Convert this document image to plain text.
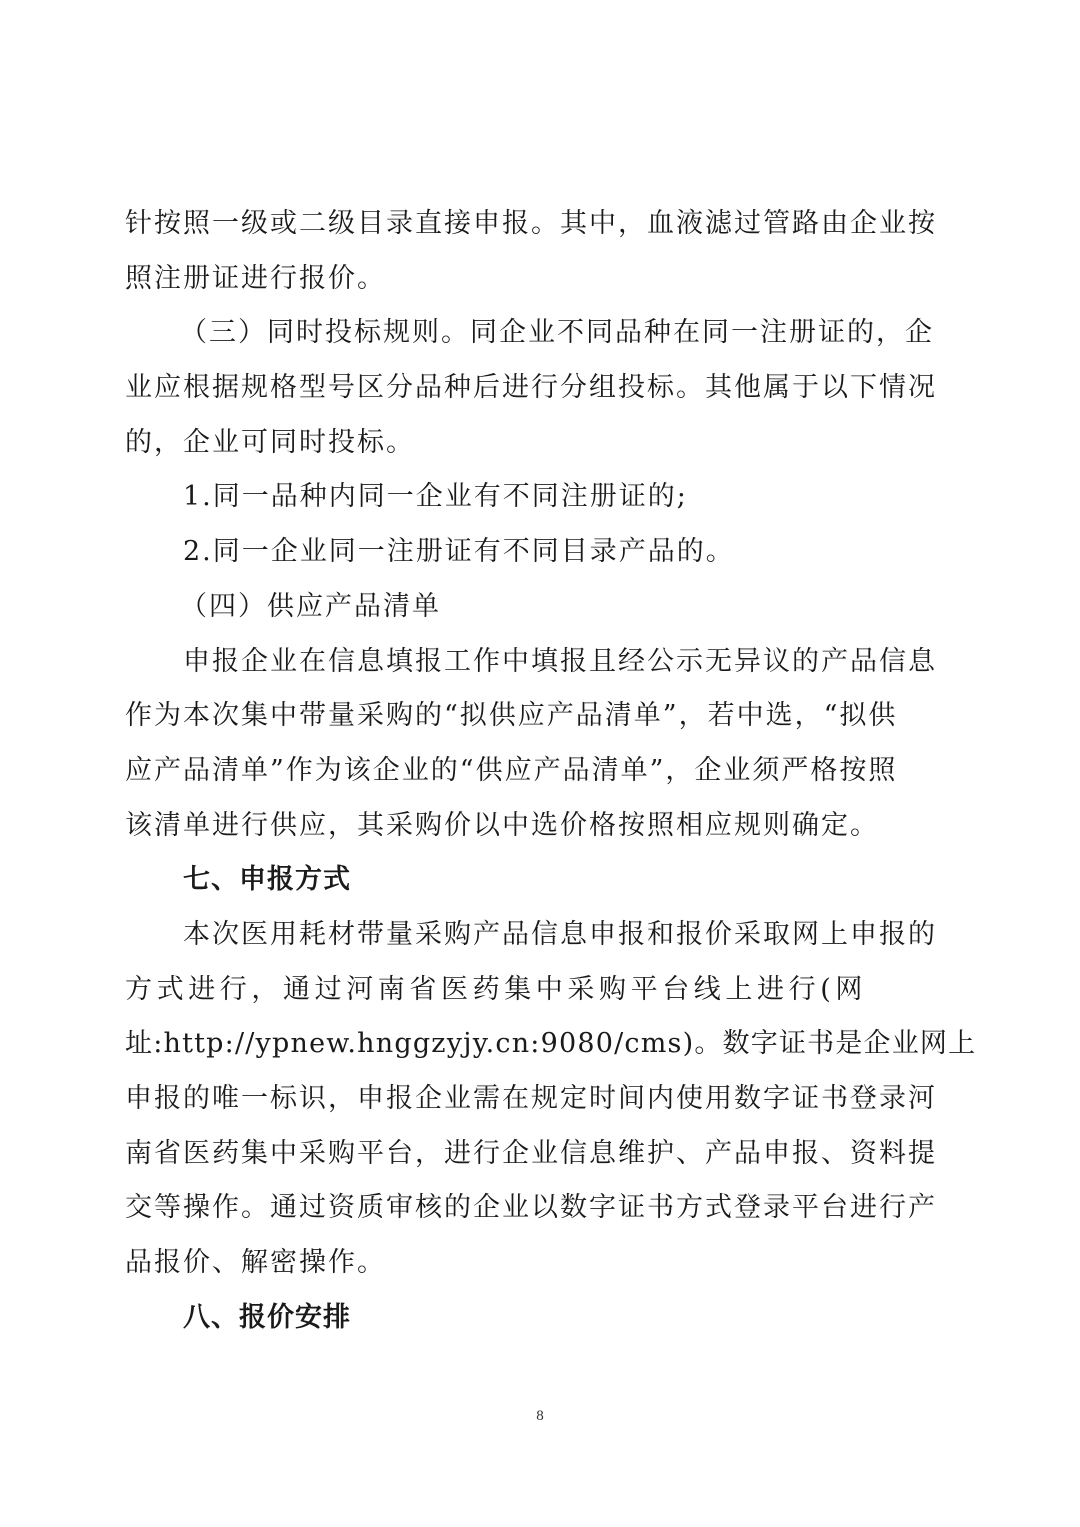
针按照一级或二级目录直接申报。其中，血液滤过管路由企业按
照注册证进行报价。
（三）同时投标规则。同企业不同品种在同一注册证的，企
业应根据规格型号区分品种后进行分组投标。其他属于以下情况
的，企业可同时投标。
1.同一品种内同一企业有不同注册证的;
2.同一企业同一注册证有不同目录产品的。
（四）供应产品清单
申报企业在信息填报工作中填报且经公示无异议的产品信息
作为本次集中带量采购的“拟供应产品清单”，若中选，“拟供
应产品清单”作为该企业的“供应产品清单”，企业须严格按照
该清单进行供应，其采购价以中选价格按照相应规则确定。
七、申报方式
本次医用耗材带量采购产品信息申报和报价采取网上申报的
方式进行，通过河南省医药集中采购平台线上进行(网
址:http://ypnew.hnggzyjy.cn:9080/cms)。数字证书是企业网上
申报的唯一标识，申报企业需在规定时间内使用数字证书登录河
南省医药集中采购平台，进行企业信息维护、产品申报、资料提
交等操作。通过资质审核的企业以数字证书方式登录平台进行产
品报价、解密操作。
八、报价安排
8
